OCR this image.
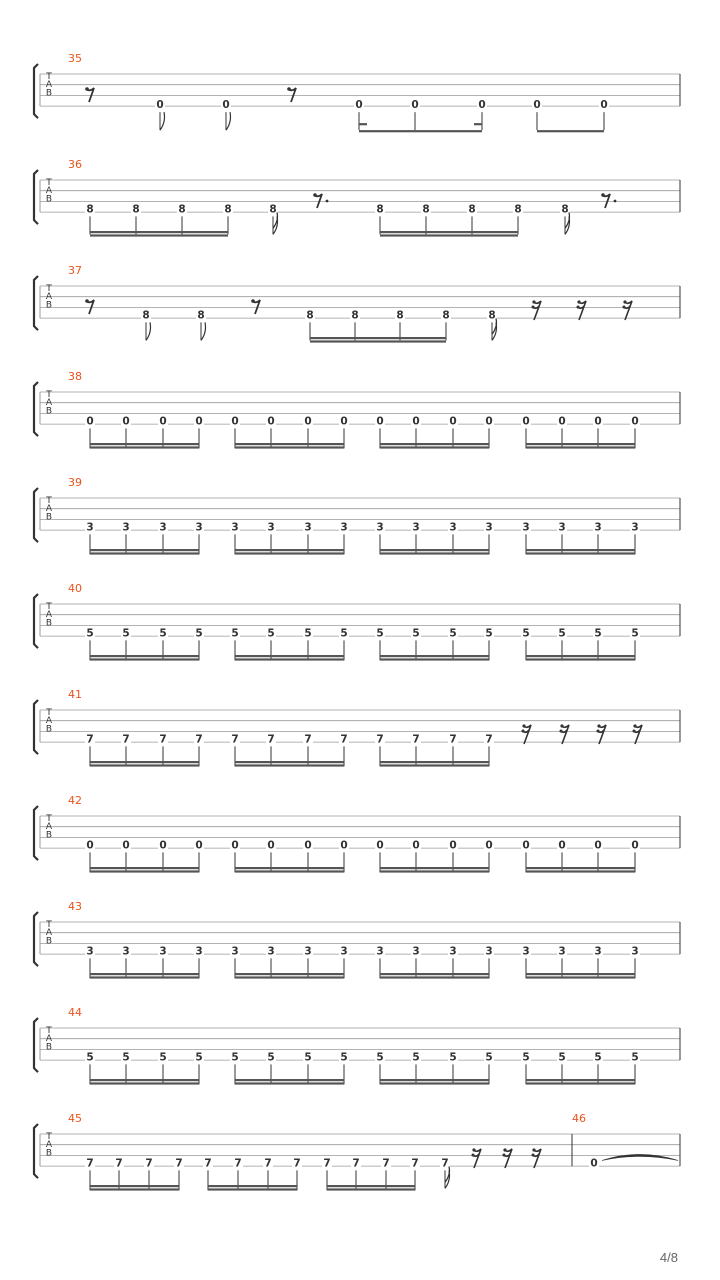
35
T
A
B
0	0	0	0	0	0	0
36
T
A
B
8	8	8	8	8	8	8	8
8	8
37
T
A
B
8	8	8	8	8	8	8
38
T
A
B
0	0	0	0	0	0	0	0	0	0	0	0	0	0	0	0
39
T
A
B
3	3	3	3	3	3	3	3	3	3	3	3	3	3	3	3
40
T
A
B
5	5	5	5	5	5	5	5	5	5	5	5	5	5	5	5
41
T
A
B
7	7	7	7	7	7	7	7	7	7	7	7
42
T
A
B
0	0	0	0	0	0	0	0	0	0	0	0	0	0	0	0
43
T
A
B
3	3	3	3	3	3	3	3	3	3	3	3	3	3	3	3
44
T
A
B
5	5	5	5	5	5	5	5	5	5	5	5	5	5	5	5
45
T
A
B
7 7 7 7 7 7 7 7 7 7 7 7 7
46
0
4/8
